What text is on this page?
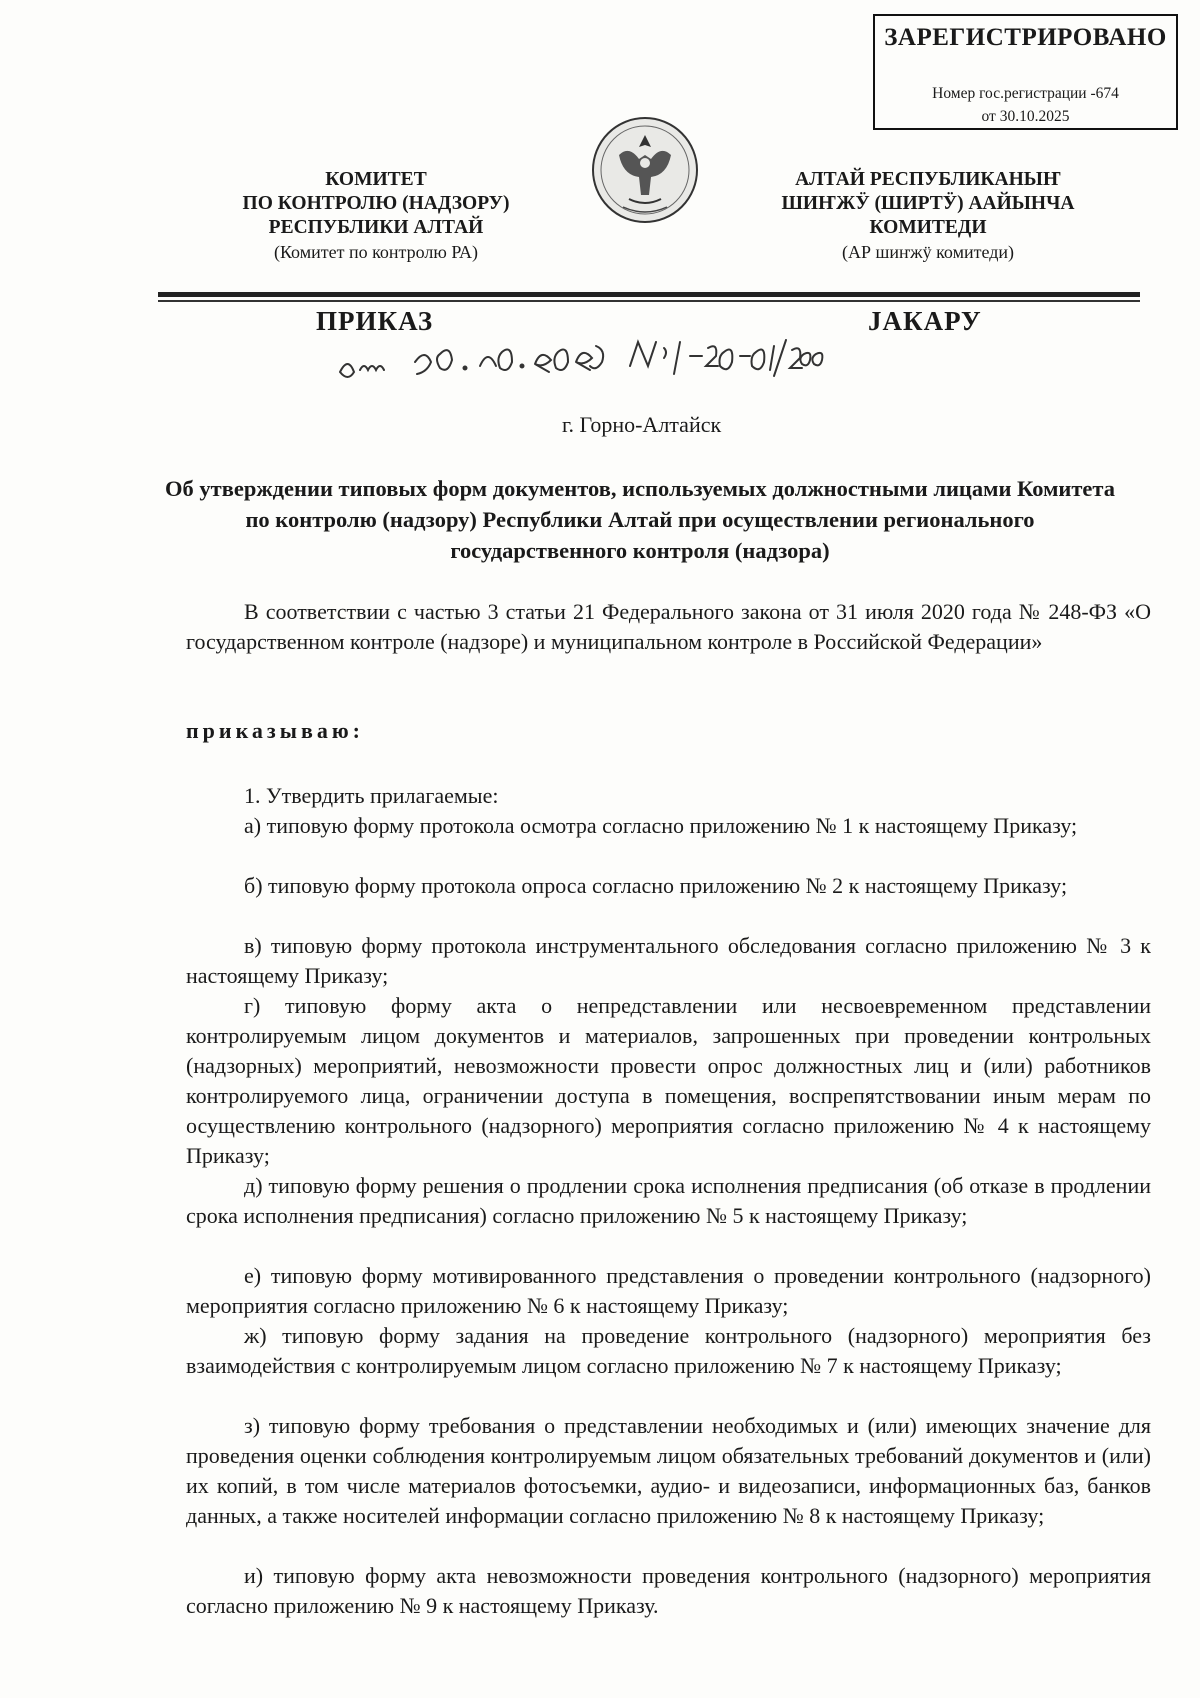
ЗАРЕГИСТРИРОВАНО
Номер гос.регистрации -674
от 30.10.2025
КОМИТЕТ
ПО КОНТРОЛЮ (НАДЗОРУ)
РЕСПУБЛИКИ АЛТАЙ
(Комитет по контролю РА)
АЛТАЙ РЕСПУБЛИКАНЫҤ
ШИҤЖӰ (ШИРТӰ) ААЙЫНЧА
КОМИТЕДИ
(АР шиҥжӱ комитеди)
ПРИКАЗ	ЈАКАРУ
г. Горно-Алтайск
Об утверждении типовых форм документов, используемых должностными лицами Комитета по контролю (надзору) Республики Алтай при осуществлении регионального государственного контроля (надзора)
В соответствии с частью 3 статьи 21 Федерального закона от 31 июля 2020 года № 248-ФЗ «О государственном контроле (надзоре) и муниципальном контроле в Российской Федерации»
приказываю:
1. Утвердить прилагаемые:
а) типовую форму протокола осмотра согласно приложению № 1 к настоящему Приказу;
б) типовую форму протокола опроса согласно приложению № 2 к настоящему Приказу;
в) типовую форму протокола инструментального обследования согласно приложению № 3 к настоящему Приказу;
г) типовую форму акта о непредставлении или несвоевременном представлении контролируемым лицом документов и материалов, запрошенных при проведении контрольных (надзорных) мероприятий, невозможности провести опрос должностных лиц и (или) работников контролируемого лица, ограничении доступа в помещения, воспрепятствовании иным мерам по осуществлению контрольного (надзорного) мероприятия согласно приложению № 4 к настоящему Приказу;
д) типовую форму решения о продлении срока исполнения предписания (об отказе в продлении срока исполнения предписания) согласно приложению № 5 к настоящему Приказу;
е) типовую форму мотивированного представления о проведении контрольного (надзорного) мероприятия согласно приложению № 6 к настоящему Приказу;
ж) типовую форму задания на проведение контрольного (надзорного) мероприятия без взаимодействия с контролируемым лицом согласно приложению № 7 к настоящему Приказу;
з) типовую форму требования о представлении необходимых и (или) имеющих значение для проведения оценки соблюдения контролируемым лицом обязательных требований документов и (или) их копий, в том числе материалов фотосъемки, аудио- и видеозаписи, информационных баз, банков данных, а также носителей информации согласно приложению № 8 к настоящему Приказу;
и) типовую форму акта невозможности проведения контрольного (надзорного) мероприятия согласно приложению № 9 к настоящему Приказу.
